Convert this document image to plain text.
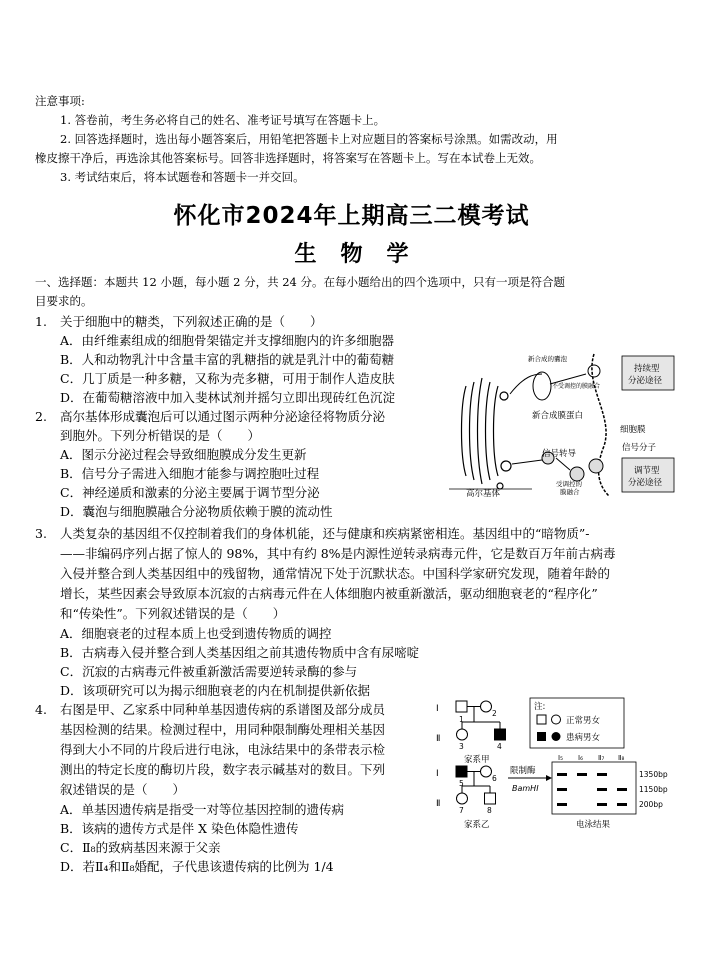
注意事项:
1. 答卷前，考生务必将自己的姓名、准考证号填写在答题卡上。
2. 回答选择题时，选出每小题答案后，用铅笔把答题卡上对应题目的答案标号涂黑。如需改动，用
橡皮擦干净后，再选涂其他答案标号。回答非选择题时，将答案写在答题卡上。写在本试卷上无效。
3. 考试结束后，将本试题卷和答题卡一并交回。
怀化市2024年上期高三二模考试
生物学
一、选择题：本题共 12 小题，每小题 2 分，共 24 分。在每小题给出的四个选项中，只有一项是符合题
目要求的。
1. 关于细胞中的糖类，下列叙述正确的是（　　）
A．由纤维素组成的细胞骨架锚定并支撑细胞内的许多细胞器
B．人和动物乳汁中含量丰富的乳糖指的就是乳汁中的葡萄糖
C．几丁质是一种多糖，又称为壳多糖，可用于制作人造皮肤
D．在葡萄糖溶液中加入斐林试剂并摇匀立即出现砖红色沉淀
2. 高尔基体形成囊泡后可以通过图示两种分泌途径将物质分泌
到胞外。下列分析错误的是（　　）
A．图示分泌过程会导致细胞膜成分发生更新
B．信号分子需进入细胞才能参与调控胞吐过程
C．神经递质和激素的分泌主要属于调节型分泌
D．囊泡与细胞膜融合分泌物质依赖于膜的流动性
高尔基体
新合成的囊泡
不受调控的膜融合
新合成膜蛋白
细胞膜
信号分子
信号转导
受调控的
膜融合
持续型
分泌途径
调节型
分泌途径
3. 人类复杂的基因组不仅控制着我们的身体机能，还与健康和疾病紧密相连。基因组中的“暗物质”-
——非编码序列占据了惊人的 98%，其中有约 8%是内源性逆转录病毒元件，它是数百万年前古病毒
入侵并整合到人类基因组中的残留物，通常情况下处于沉默状态。中国科学家研究发现，随着年龄的
增长，某些因素会导致原本沉寂的古病毒元件在人体细胞内被重新激活，驱动细胞衰老的“程序化”
和“传染性”。下列叙述错误的是（　　）
A．细胞衰老的过程本质上也受到遗传物质的调控
B．古病毒入侵并整合到人类基因组之前其遗传物质中含有尿嘧啶
C．沉寂的古病毒元件被重新激活需要逆转录酶的参与
D．该项研究可以为揭示细胞衰老的内在机制提供新依据
4. 右图是甲、乙家系中同种单基因遗传病的系谱图及部分成员
基因检测的结果。检测过程中，用同种限制酶处理相关基因
得到大小不同的片段后进行电泳，电泳结果中的条带表示检
测出的特定长度的酶切片段，数字表示碱基对的数目。下列
叙述错误的是（　　）
A．单基因遗传病是指受一对等位基因控制的遗传病
B．该病的遗传方式是伴 X 染色体隐性遗传
C．Ⅱ₈的致病基因来源于父亲
D．若Ⅱ₄和Ⅱ₈婚配，子代患该遗传病的比例为 1/4
Ⅰ
Ⅱ
Ⅰ
Ⅱ
1
2
3	4
5
6
7	8
家系甲
家系乙
注:
正常男女
患病男女
限制酶
BamHⅠ
Ⅰ₅ Ⅰ₆ Ⅱ₇ Ⅱ₈
1350bp
1150bp
200bp
电泳结果
